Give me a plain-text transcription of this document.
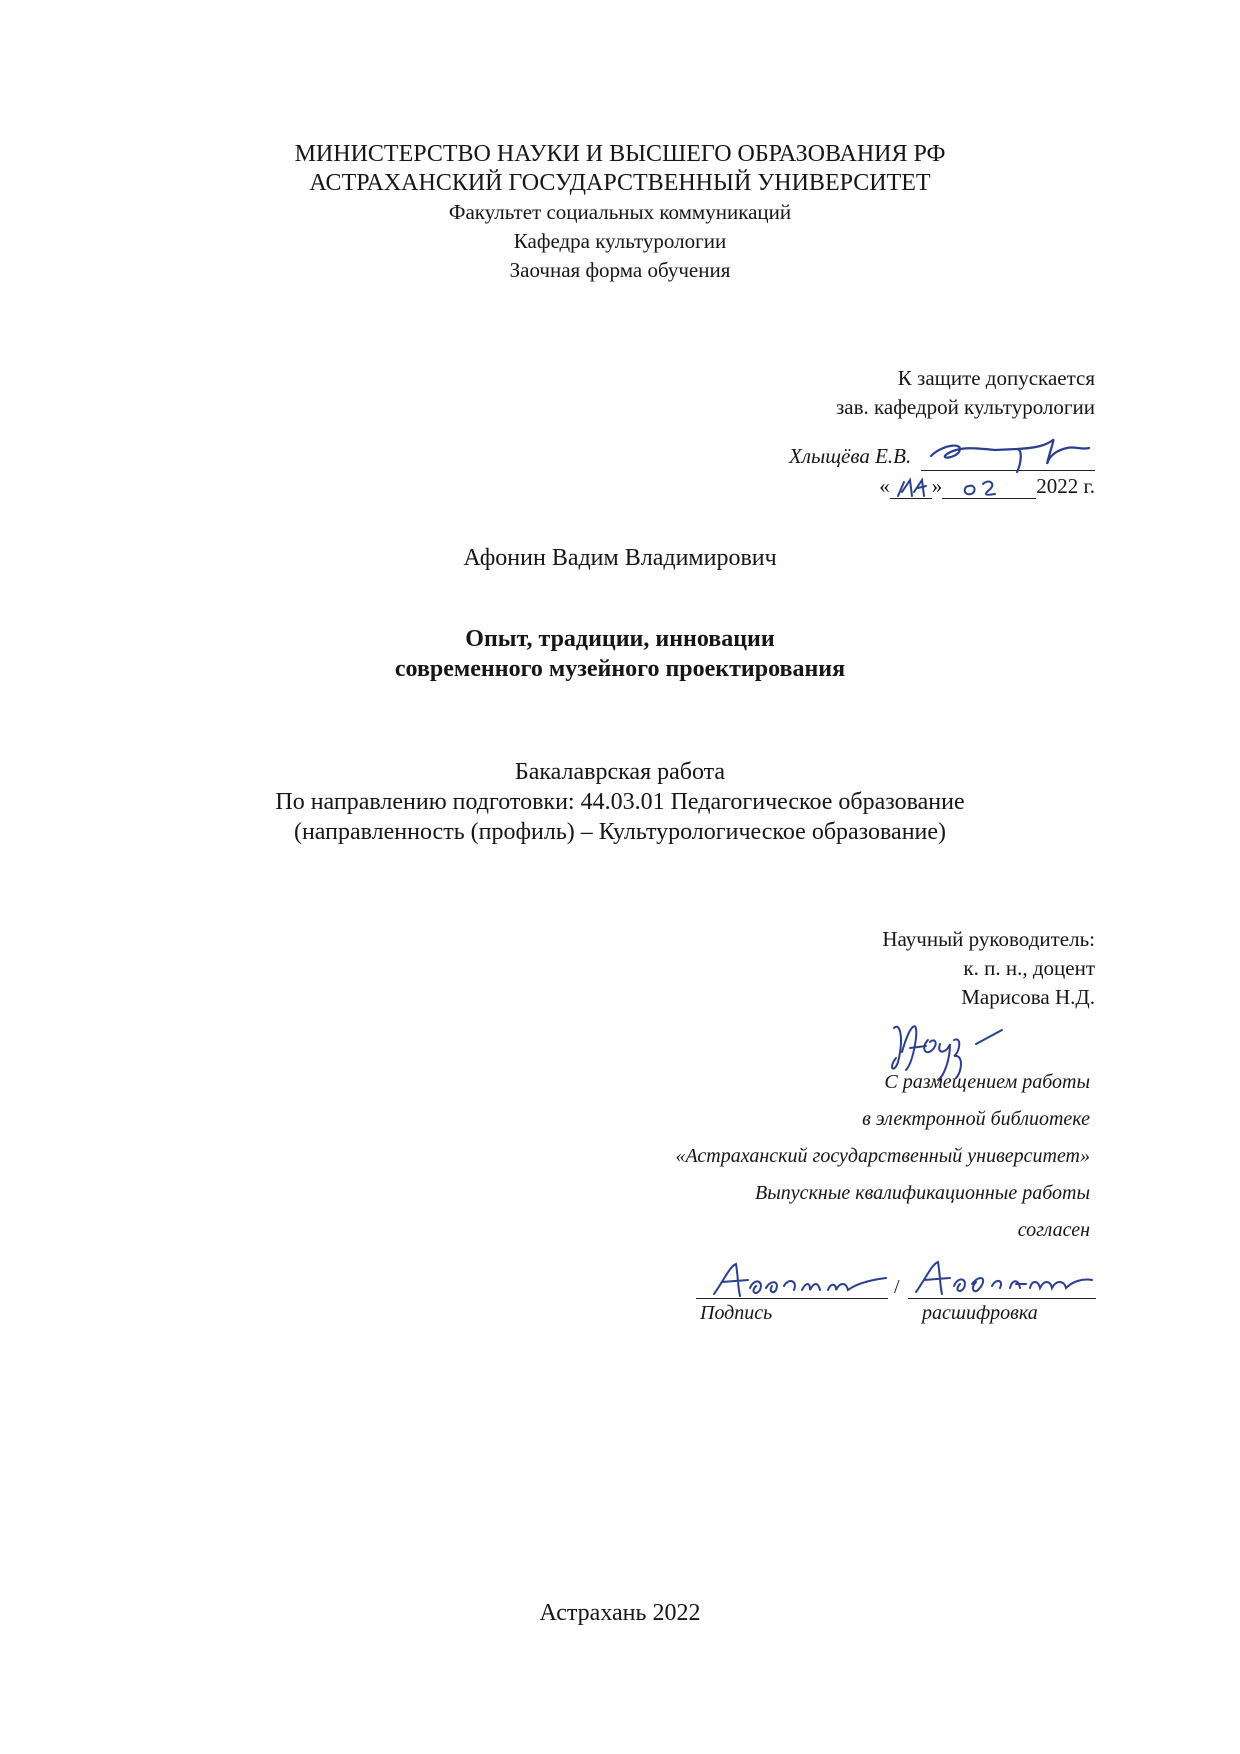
МИНИСТЕРСТВО НАУКИ И ВЫСШЕГО ОБРАЗОВАНИЯ РФ
АСТРАХАНСКИЙ ГОСУДАРСТВЕННЫЙ УНИВЕРСИТЕТ
Факультет социальных коммуникаций
Кафедра культурологии
Заочная форма обучения
К защите допускается
зав. кафедрой культурологии
Хлыщёва Е.В.
« »	2022 г.
Афонин Вадим Владимирович
Опыт, традиции, инновации
современного музейного проектирования
Бакалаврская работа
По направлению подготовки: 44.03.01 Педагогическое образование
(направленность (профиль) – Культурологическое образование)
Научный руководитель:
к. п. н., доцент
Марисова Н.Д.
С размещением работы
в электронной библиотеке
«Астраханский государственный университет»
Выпускные квалификационные работы
согласен
/
Подпись	расшифровка
Астрахань 2022
